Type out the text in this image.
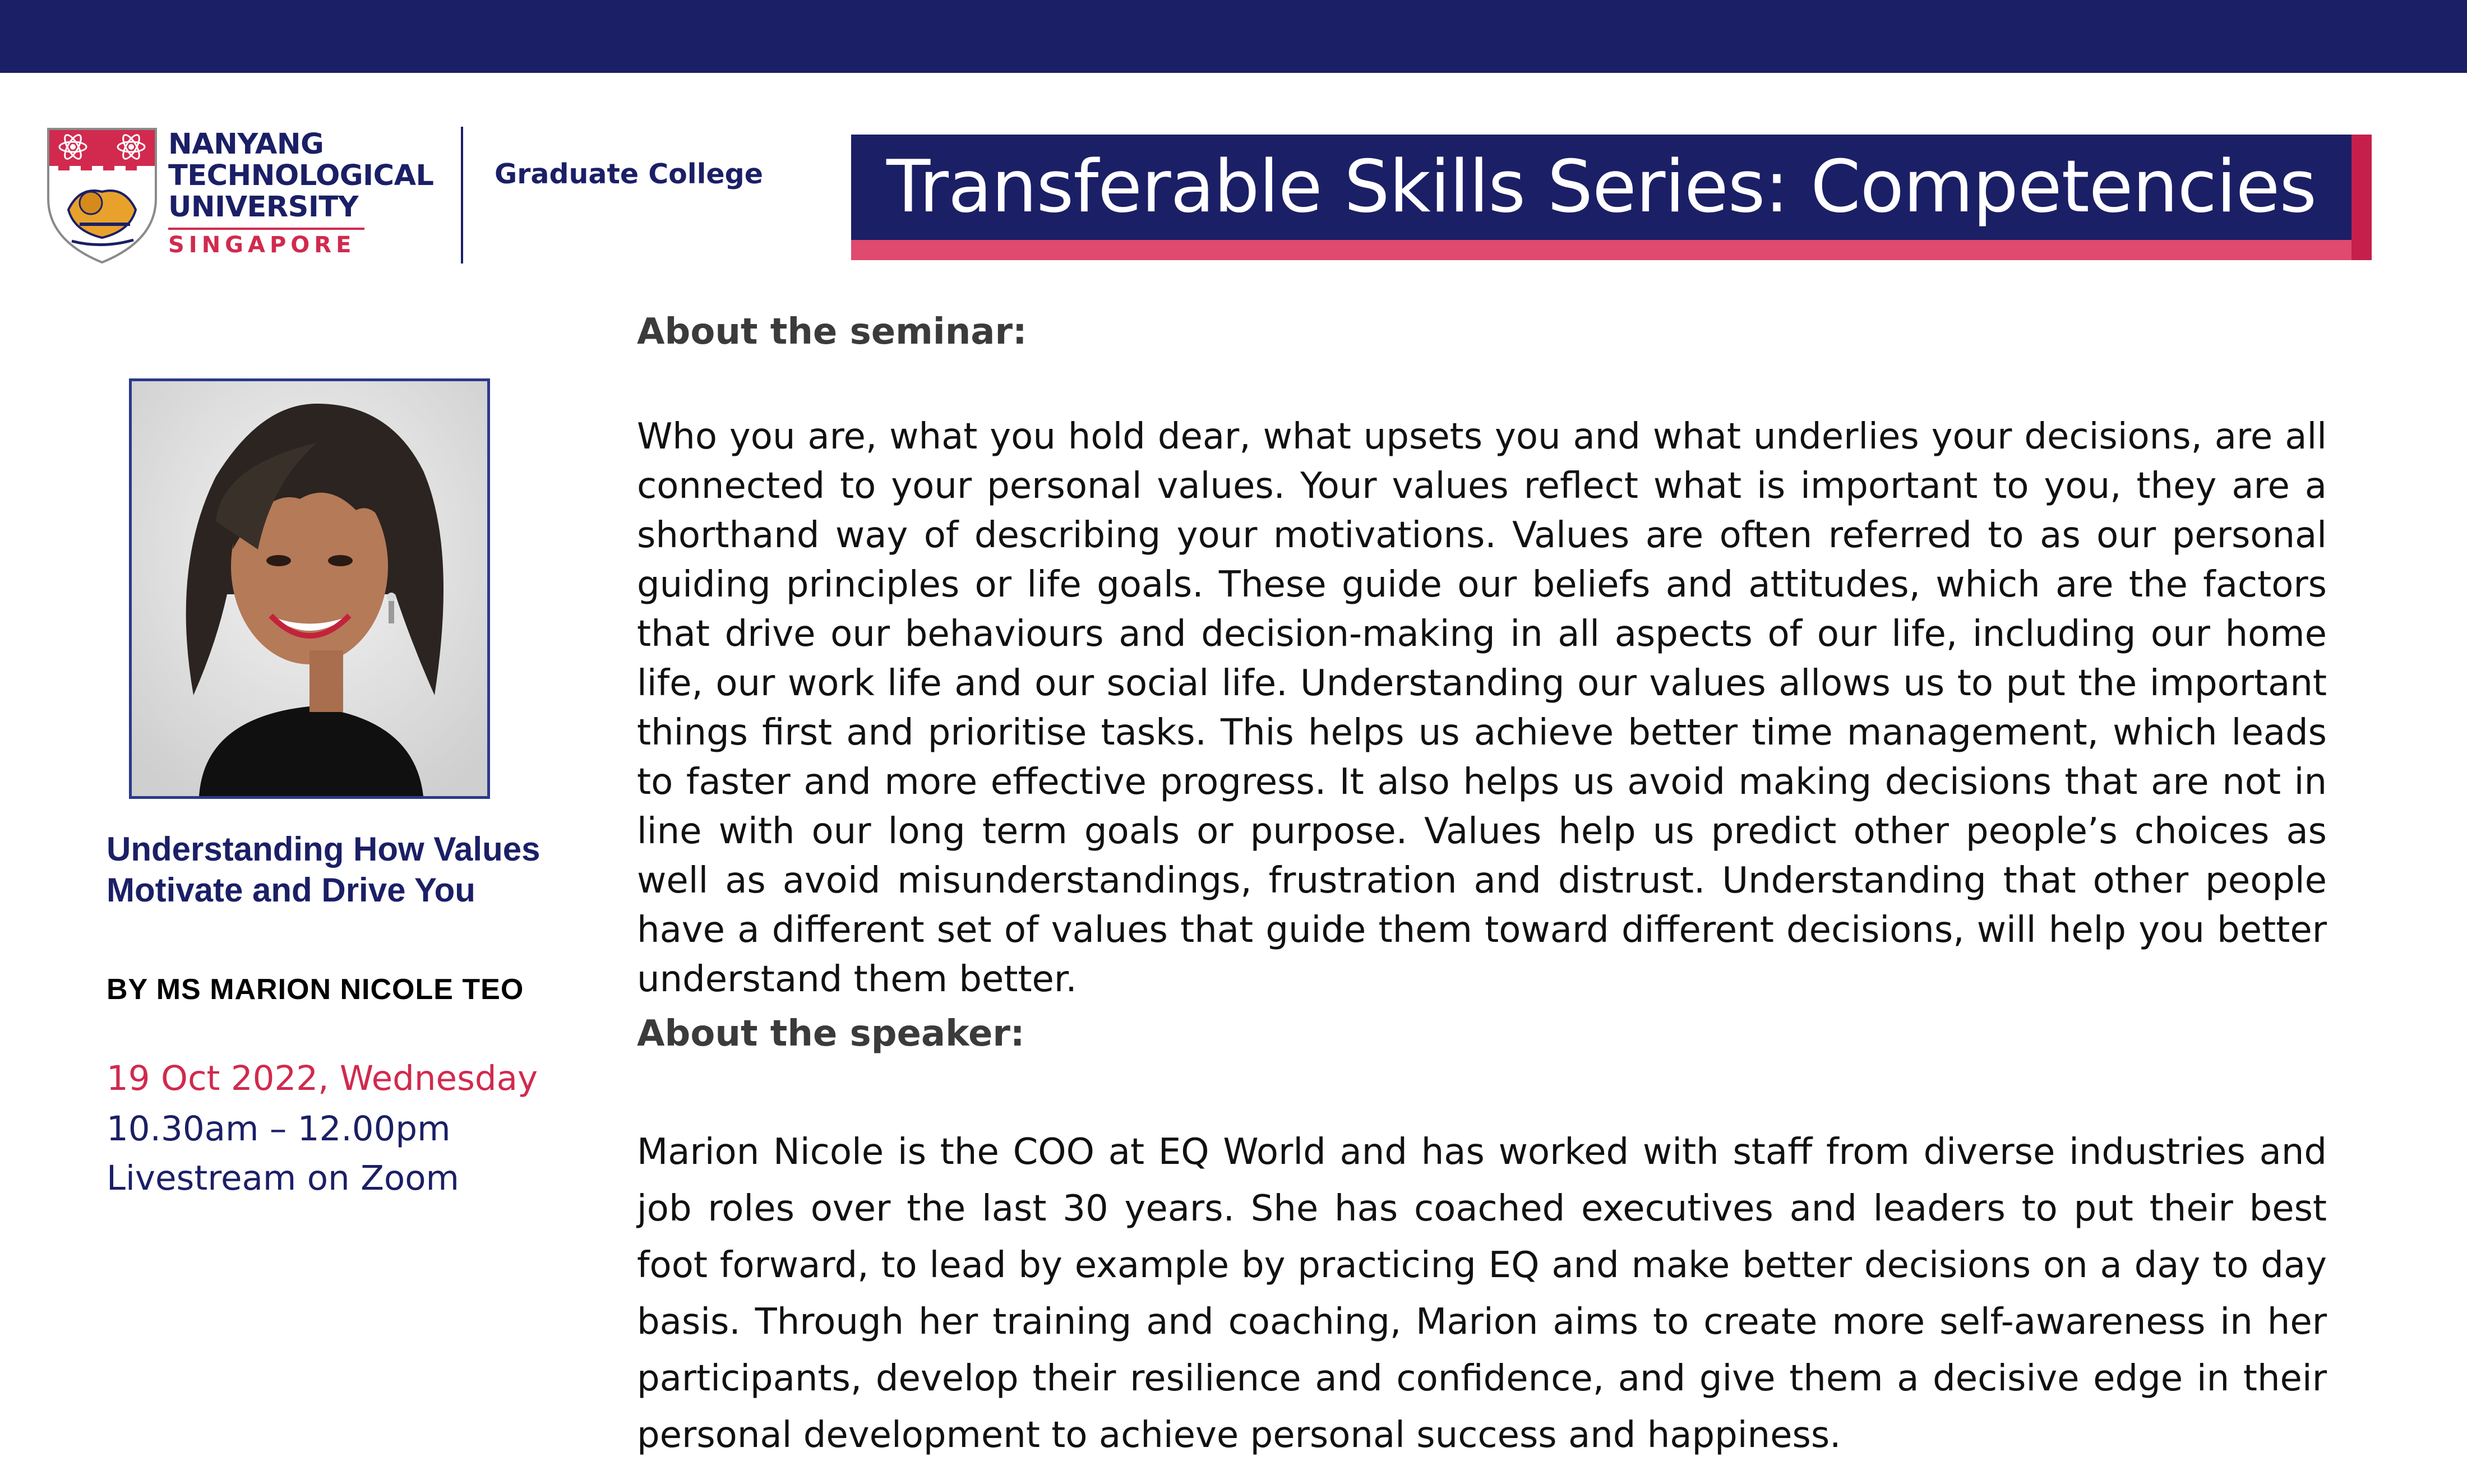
NANYANG
TECHNOLOGICAL
UNIVERSITY
SINGAPORE
Graduate College	Transferable Skills Series: Competencies
Understanding How Values Motivate and Drive You
BY MS MARION NICOLE TEO
19 Oct 2022, Wednesday
10.30am – 12.00pm
Livestream on Zoom
About the seminar:

Who you are, what you hold dear, what upsets you and what underlies your decisions, are all connected to your personal values. Your values reflect what is important to you, they are a shorthand way of describing your motivations. Values are often referred to as our personal guiding principles or life goals. These guide our beliefs and attitudes, which are the factors that drive our behaviours and decision-making in all aspects of our life, including our home life, our work life and our social life. Understanding our values allows us to put the important things first and prioritise tasks. This helps us achieve better time management, which leads to faster and more effective progress. It also helps us avoid making decisions that are not in line with our long term goals or purpose. Values help us predict other people’s choices as well as avoid misunderstandings, frustration and distrust. Understanding that other people have a different set of values that guide them toward different decisions, will help you better understand them better.

About the speaker:

Marion Nicole is the COO at EQ World and has worked with staff from diverse industries and job roles over the last 30 years. She has coached executives and leaders to put their best foot forward, to lead by example by practicing EQ and make better decisions on a day to day basis. Through her training and coaching, Marion aims to create more self-awareness in her participants, develop their resilience and confidence, and give them a decisive edge in their personal development to achieve personal success and happiness.
